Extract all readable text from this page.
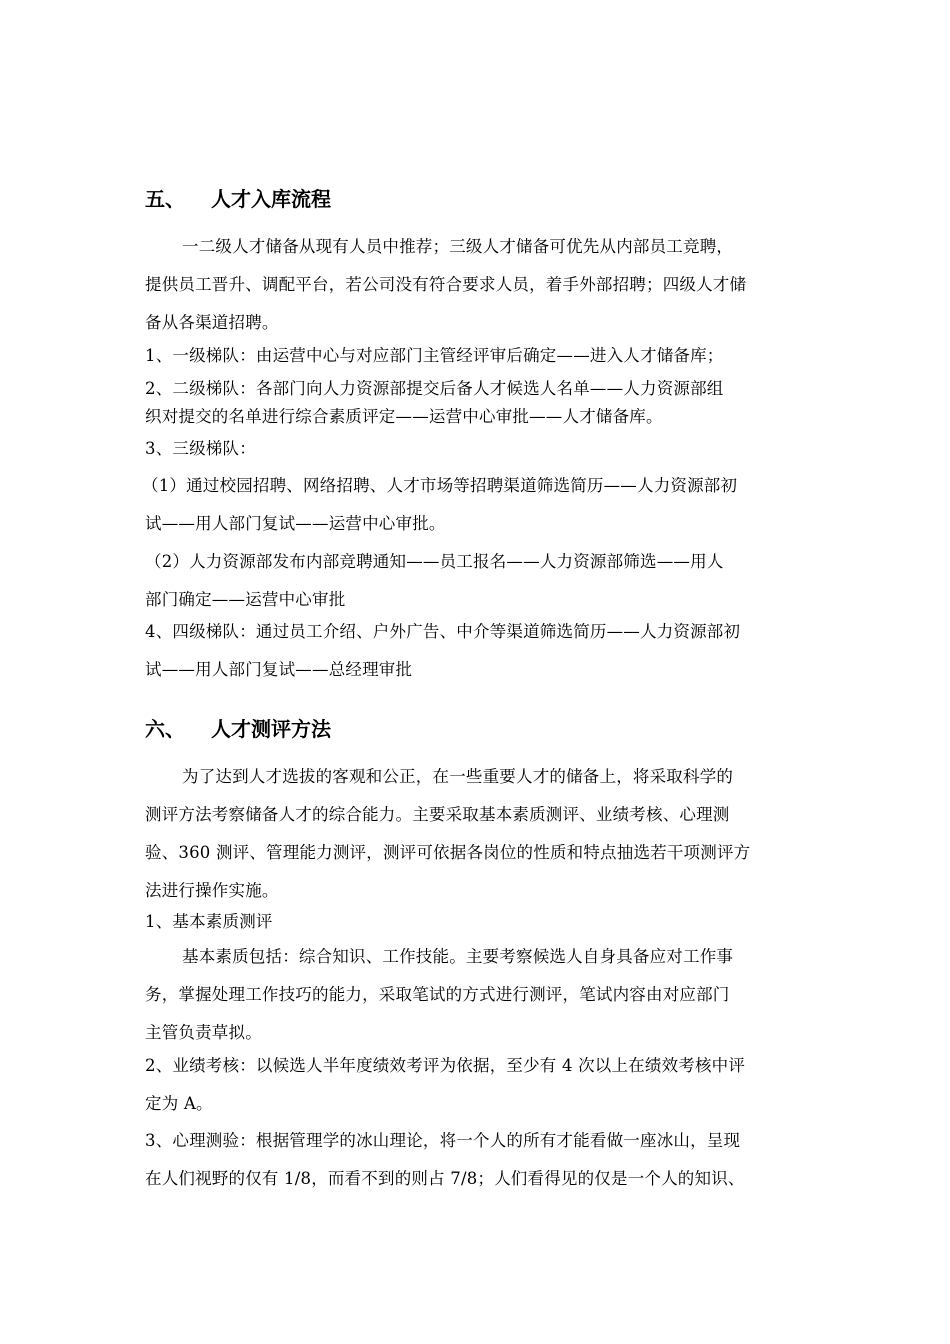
五、 人才入库流程
一二级人才储备从现有人员中推荐；三级人才储备可优先从内部员工竞聘，
提供员工晋升、调配平台，若公司没有符合要求人员，着手外部招聘；四级人才储
备从各渠道招聘。
1、一级梯队：由运营中心与对应部门主管经评审后确定——进入人才储备库；
2、二级梯队：各部门向人力资源部提交后备人才候选人名单——人力资源部组
织对提交的名单进行综合素质评定——运营中心审批——人才储备库。
3、三级梯队：
（1）通过校园招聘、网络招聘、人才市场等招聘渠道筛选简历——人力资源部初
试——用人部门复试——运营中心审批。
（2）人力资源部发布内部竞聘通知——员工报名——人力资源部筛选——用人
部门确定——运营中心审批
4、四级梯队：通过员工介绍、户外广告、中介等渠道筛选简历——人力资源部初
试——用人部门复试——总经理审批
六、 人才测评方法
为了达到人才选拔的客观和公正，在一些重要人才的储备上，将采取科学的
测评方法考察储备人才的综合能力。主要采取基本素质测评、业绩考核、心理测
验、360 测评、管理能力测评，测评可依据各岗位的性质和特点抽选若干项测评方
法进行操作实施。
1、基本素质测评
基本素质包括：综合知识、工作技能。主要考察候选人自身具备应对工作事
务，掌握处理工作技巧的能力，采取笔试的方式进行测评，笔试内容由对应部门
主管负责草拟。
2、业绩考核：以候选人半年度绩效考评为依据，至少有 4 次以上在绩效考核中评
定为 A。
3、心理测验：根据管理学的冰山理论，将一个人的所有才能看做一座冰山，呈现
在人们视野的仅有 1/8，而看不到的则占 7/8；人们看得见的仅是一个人的知识、
